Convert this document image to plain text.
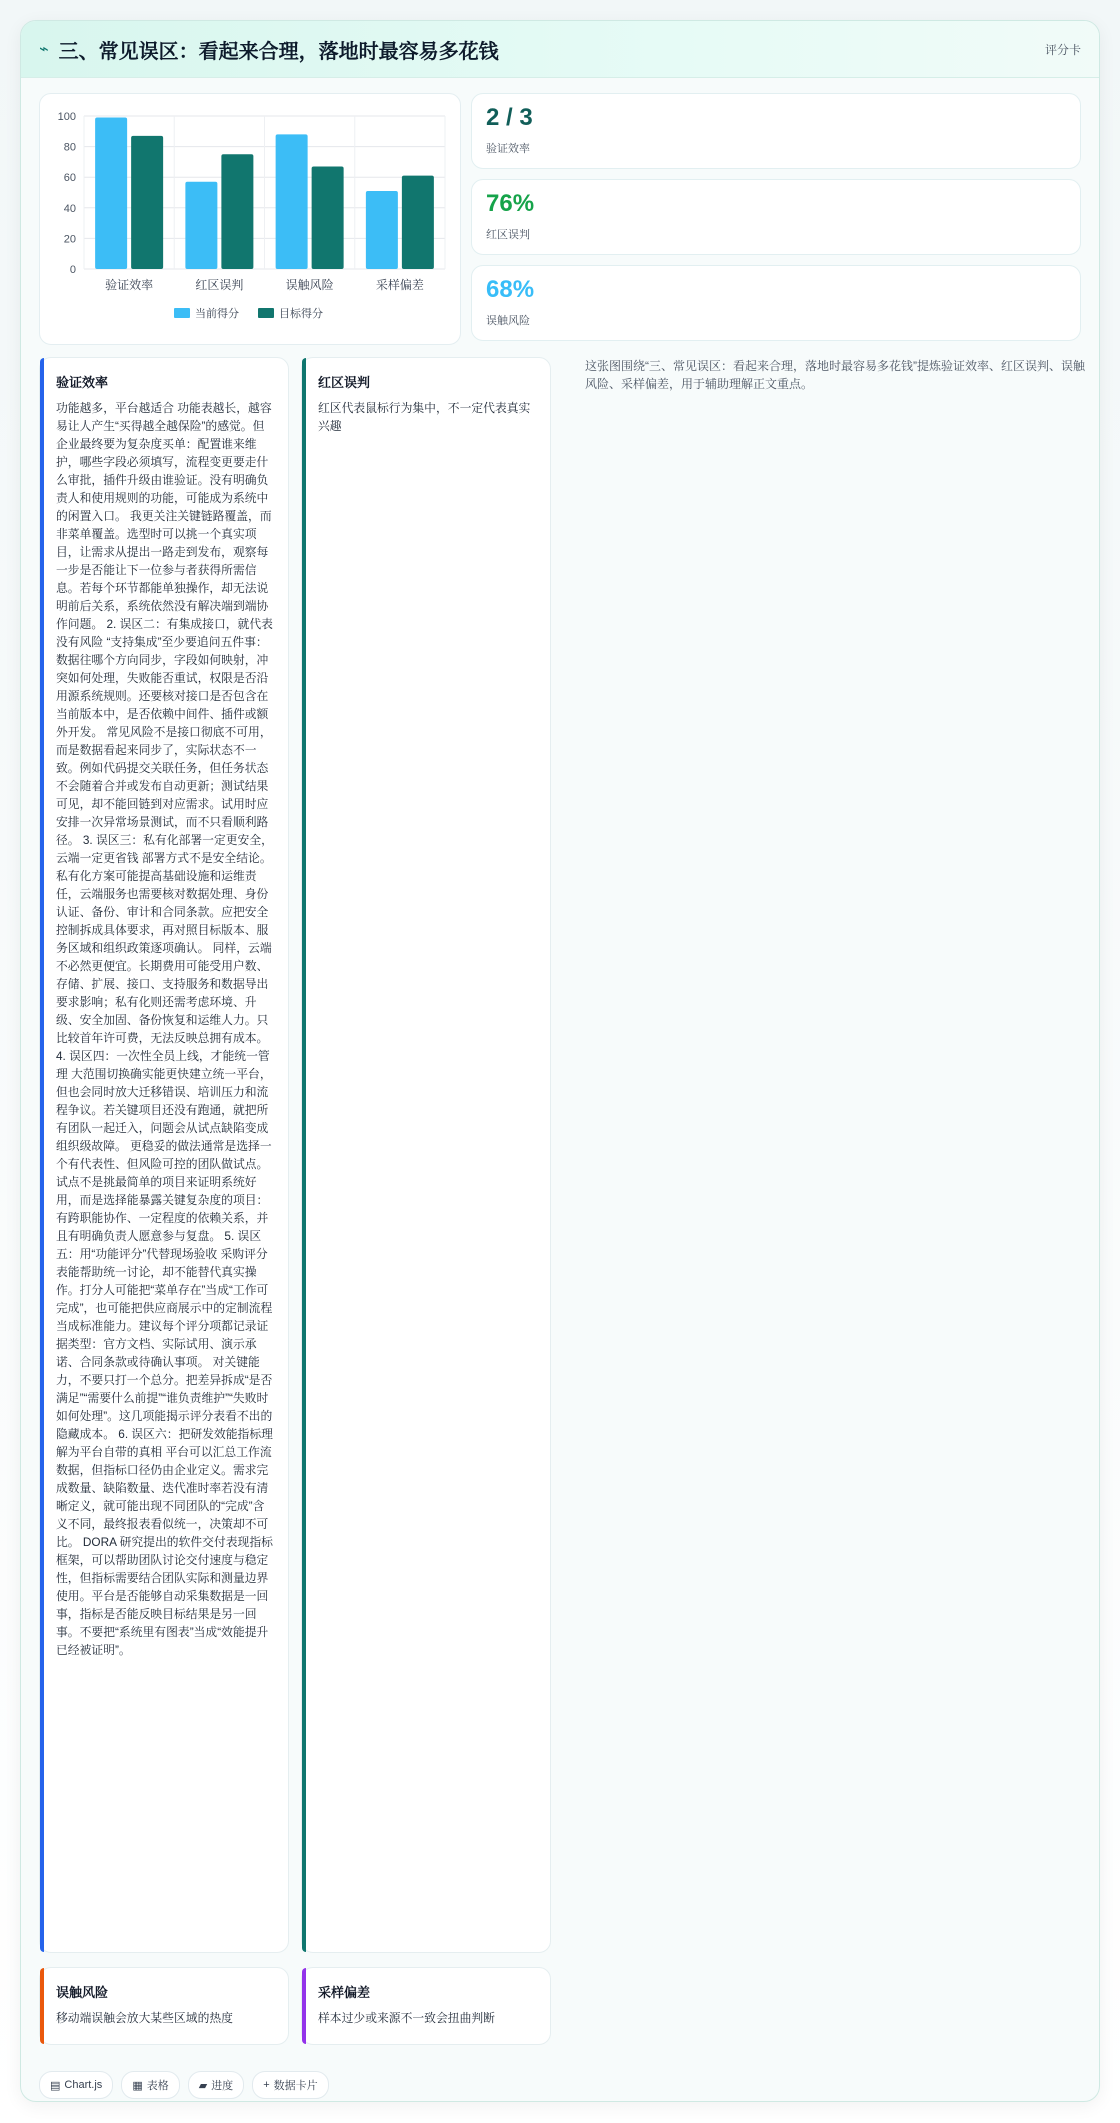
⌁ 三、常见误区：看起来合理，落地时最容易多花钱	评分卡
0
20
40
60
80
100
验证效率	红区误判	误触风险	采样偏差
当前得分	目标得分
2 / 3
验证效率
76%
红区误判
68%
误触风险
验证效率

功能越多，平台越适合 功能表越长，越容易让人产生“买得越全越保险”的感觉。但企业最终要为复杂度买单：配置谁来维护，哪些字段必须填写，流程变更要走什么审批，插件升级由谁验证。没有明确负责人和使用规则的功能，可能成为系统中的闲置入口。 我更关注关键链路覆盖，而非菜单覆盖。选型时可以挑一个真实项目，让需求从提出一路走到发布，观察每一步是否能让下一位参与者获得所需信息。若每个环节都能单独操作，却无法说明前后关系，系统依然没有解决端到端协作问题。 2. 误区二：有集成接口，就代表没有风险 “支持集成”至少要追问五件事：数据往哪个方向同步，字段如何映射，冲突如何处理，失败能否重试，权限是否沿用源系统规则。还要核对接口是否包含在当前版本中，是否依赖中间件、插件或额外开发。 常见风险不是接口彻底不可用，而是数据看起来同步了，实际状态不一致。例如代码提交关联任务，但任务状态不会随着合并或发布自动更新；测试结果可见，却不能回链到对应需求。试用时应安排一次异常场景测试，而不只看顺利路径。 3. 误区三：私有化部署一定更安全，云端一定更省钱 部署方式不是安全结论。私有化方案可能提高基础设施和运维责任，云端服务也需要核对数据处理、身份认证、备份、审计和合同条款。应把安全控制拆成具体要求，再对照目标版本、服务区域和组织政策逐项确认。 同样，云端不必然更便宜。长期费用可能受用户数、存储、扩展、接口、支持服务和数据导出要求影响；私有化则还需考虑环境、升级、安全加固、备份恢复和运维人力。只比较首年许可费，无法反映总拥有成本。 4. 误区四：一次性全员上线，才能统一管理 大范围切换确实能更快建立统一平台，但也会同时放大迁移错误、培训压力和流程争议。若关键项目还没有跑通，就把所有团队一起迁入，问题会从试点缺陷变成组织级故障。 更稳妥的做法通常是选择一个有代表性、但风险可控的团队做试点。试点不是挑最简单的项目来证明系统好用，而是选择能暴露关键复杂度的项目：有跨职能协作、一定程度的依赖关系，并且有明确负责人愿意参与复盘。 5. 误区五：用“功能评分”代替现场验收 采购评分表能帮助统一讨论，却不能替代真实操作。打分人可能把“菜单存在”当成“工作可完成”，也可能把供应商展示中的定制流程当成标准能力。建议每个评分项都记录证据类型：官方文档、实际试用、演示承诺、合同条款或待确认事项。 对关键能力，不要只打一个总分。把差异拆成“是否满足”“需要什么前提”“谁负责维护”“失败时如何处理”。这几项能揭示评分表看不出的隐藏成本。 6. 误区六：把研发效能指标理解为平台自带的真相 平台可以汇总工作流数据，但指标口径仍由企业定义。需求完成数量、缺陷数量、迭代准时率若没有清晰定义，就可能出现不同团队的“完成”含义不同，最终报表看似统一，决策却不可比。 DORA 研究提出的软件交付表现指标框架，可以帮助团队讨论交付速度与稳定性，但指标需要结合团队实际和测量边界使用。平台是否能够自动采集数据是一回事，指标是否能反映目标结果是另一回事。不要把“系统里有图表”当成“效能提升已经被证明”。

红区误判

红区代表鼠标行为集中，不一定代表真实兴趣

误触风险

移动端误触会放大某些区域的热度

采样偏差

样本过少或来源不一致会扭曲判断

这张图围绕“三、常见误区：看起来合理，落地时最容易多花钱”提炼验证效率、红区误判、误触风险、采样偏差，用于辅助理解正文重点。
▤ Chart.js	▦ 表格	▰ 进度	+ 数据卡片
